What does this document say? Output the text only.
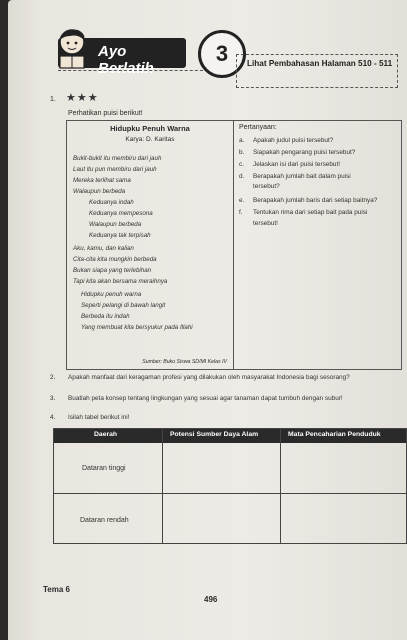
Ayo Berlatih
3	Lihat Pembahasan Halaman 510 - 511
1. ★★★
Perhatikan puisi berikut!
Hidupku Penuh Warna
Karya: D. Karitas
Bukit-bukit itu membiru dari jauh
Laut itu pun membiru dari jauh
Mereka terlihat sama
Walaupun berbeda
Keduanya indah
Keduanya mempesona
Walaupun berbeda
Keduanya tak terpisah
Aku, kamu, dan kalian
Cita-cita kita mungkin berbeda
Bukan siapa yang terlebihan
Tapi kita akan bersama meraihnya
Hidupku penuh warna
Seperti pelangi di bawah langit
Berbeda itu indah
Yang membuat kita bersyukur pada Illahi
Sumber: Buku Siswa SD/MI Kelas IV
Pertanyaan:
a. Apakah judul puisi tersebut?
b. Siapakah pengarang puisi tersebut?
c. Jelaskan isi dari puisi tersebut!
d. Berapakah jumlah bait dalam puisi
tersebut?
e. Berapakah jumlah baris dari setiap baitnya?
f. Tentukan rima dari setiap bait pada puisi
tersebut!
2. Apakah manfaat dari keragaman profesi yang dilakukan oleh masyarakat Indonesia bagi sesorang?
3. Buatlah peta konsep tentang lingkungan yang sesuai agar tanaman dapat tumbuh dengan subur!
4. Isilah tabel berikut ini!
Daerah	Potensi Sumber Daya Alam	Mata Pencaharian Penduduk
Dataran tinggi
Dataran rendah
Tema 6
496
